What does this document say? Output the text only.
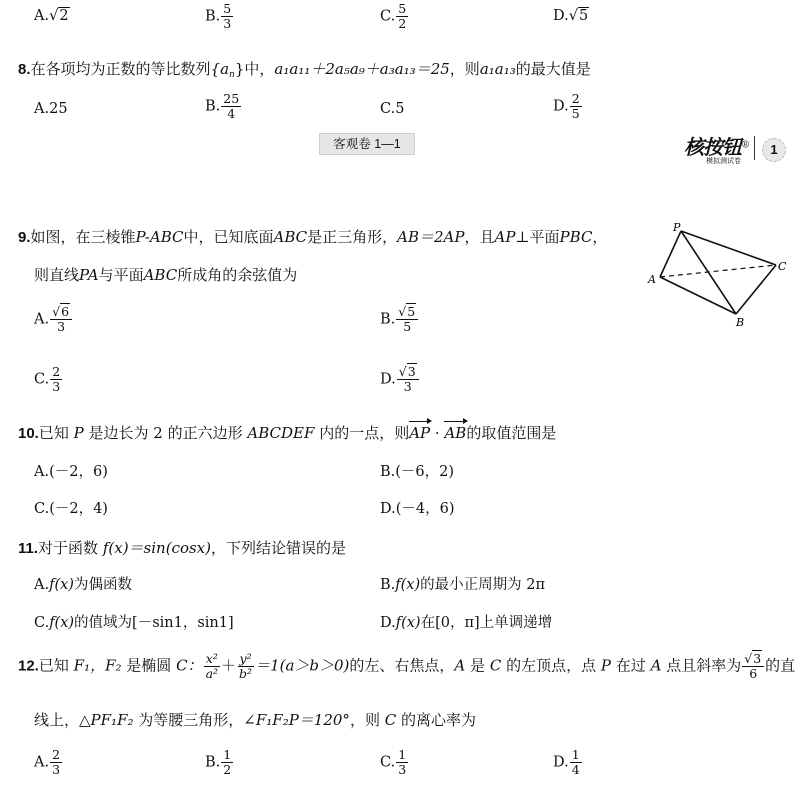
A.√2	B. $\frac{5}{3}$	C. $\frac{5}{2}$	D.√5
8.在各项均为正数的等比数列$\{a_n\}$中，a₁a₁₁＋2a₅a₉＋a₃a₁₃＝25，则a₁a₁₃的最大值是
A.25	B. $\frac{25}{4}$	C.5	D. $\frac{2}{5}$
客观卷 1—1	核按钮®
模拟测试卷
1
9.如图，在三棱锥P-ABC中，已知底面ABC是正三角形，AB＝2AP，且AP⊥平面PBC，
则直线PA与平面ABC所成角的余弦值为
P
A
B
C
A. $\frac{√6}{3}$	B. $\frac{√5}{5}$
C. $\frac{2}{3}$	D. $\frac{√3}{3}$
10.已知 P 是边长为 2 的正六边形 ABCDEF 内的一点，则AP · AB的取值范围是
A.(－2，6)	B.(－6，2)
C.(－2，4)	D.(－4，6)
11.对于函数 f(x)＝sin(cosx)，下列结论错误的是
A.f(x)为偶函数	B.f(x)的最小正周期为 2π
C.f(x)的值域为[－sin1，sin1]	D.f(x)在[0，π]上单调递增
12.已知 F₁，F₂ 是椭圆 C： $\frac{\text{x²}}{\text{a²}} + \frac{\text{y²}}{\text{b²}} =1(a>b>0)$的左、右焦点，A 是 C 的左顶点，点 P 在过 A 点且斜率为 $\frac{√3}{6}$ 的直
线上，△PF₁F₂ 为等腰三角形，∠F₁F₂P＝120°，则 C 的离心率为
A. $\frac{2}{3}$	B. $\frac{1}{2}$	C. $\frac{1}{3}$	D. $\frac{1}{4}$
